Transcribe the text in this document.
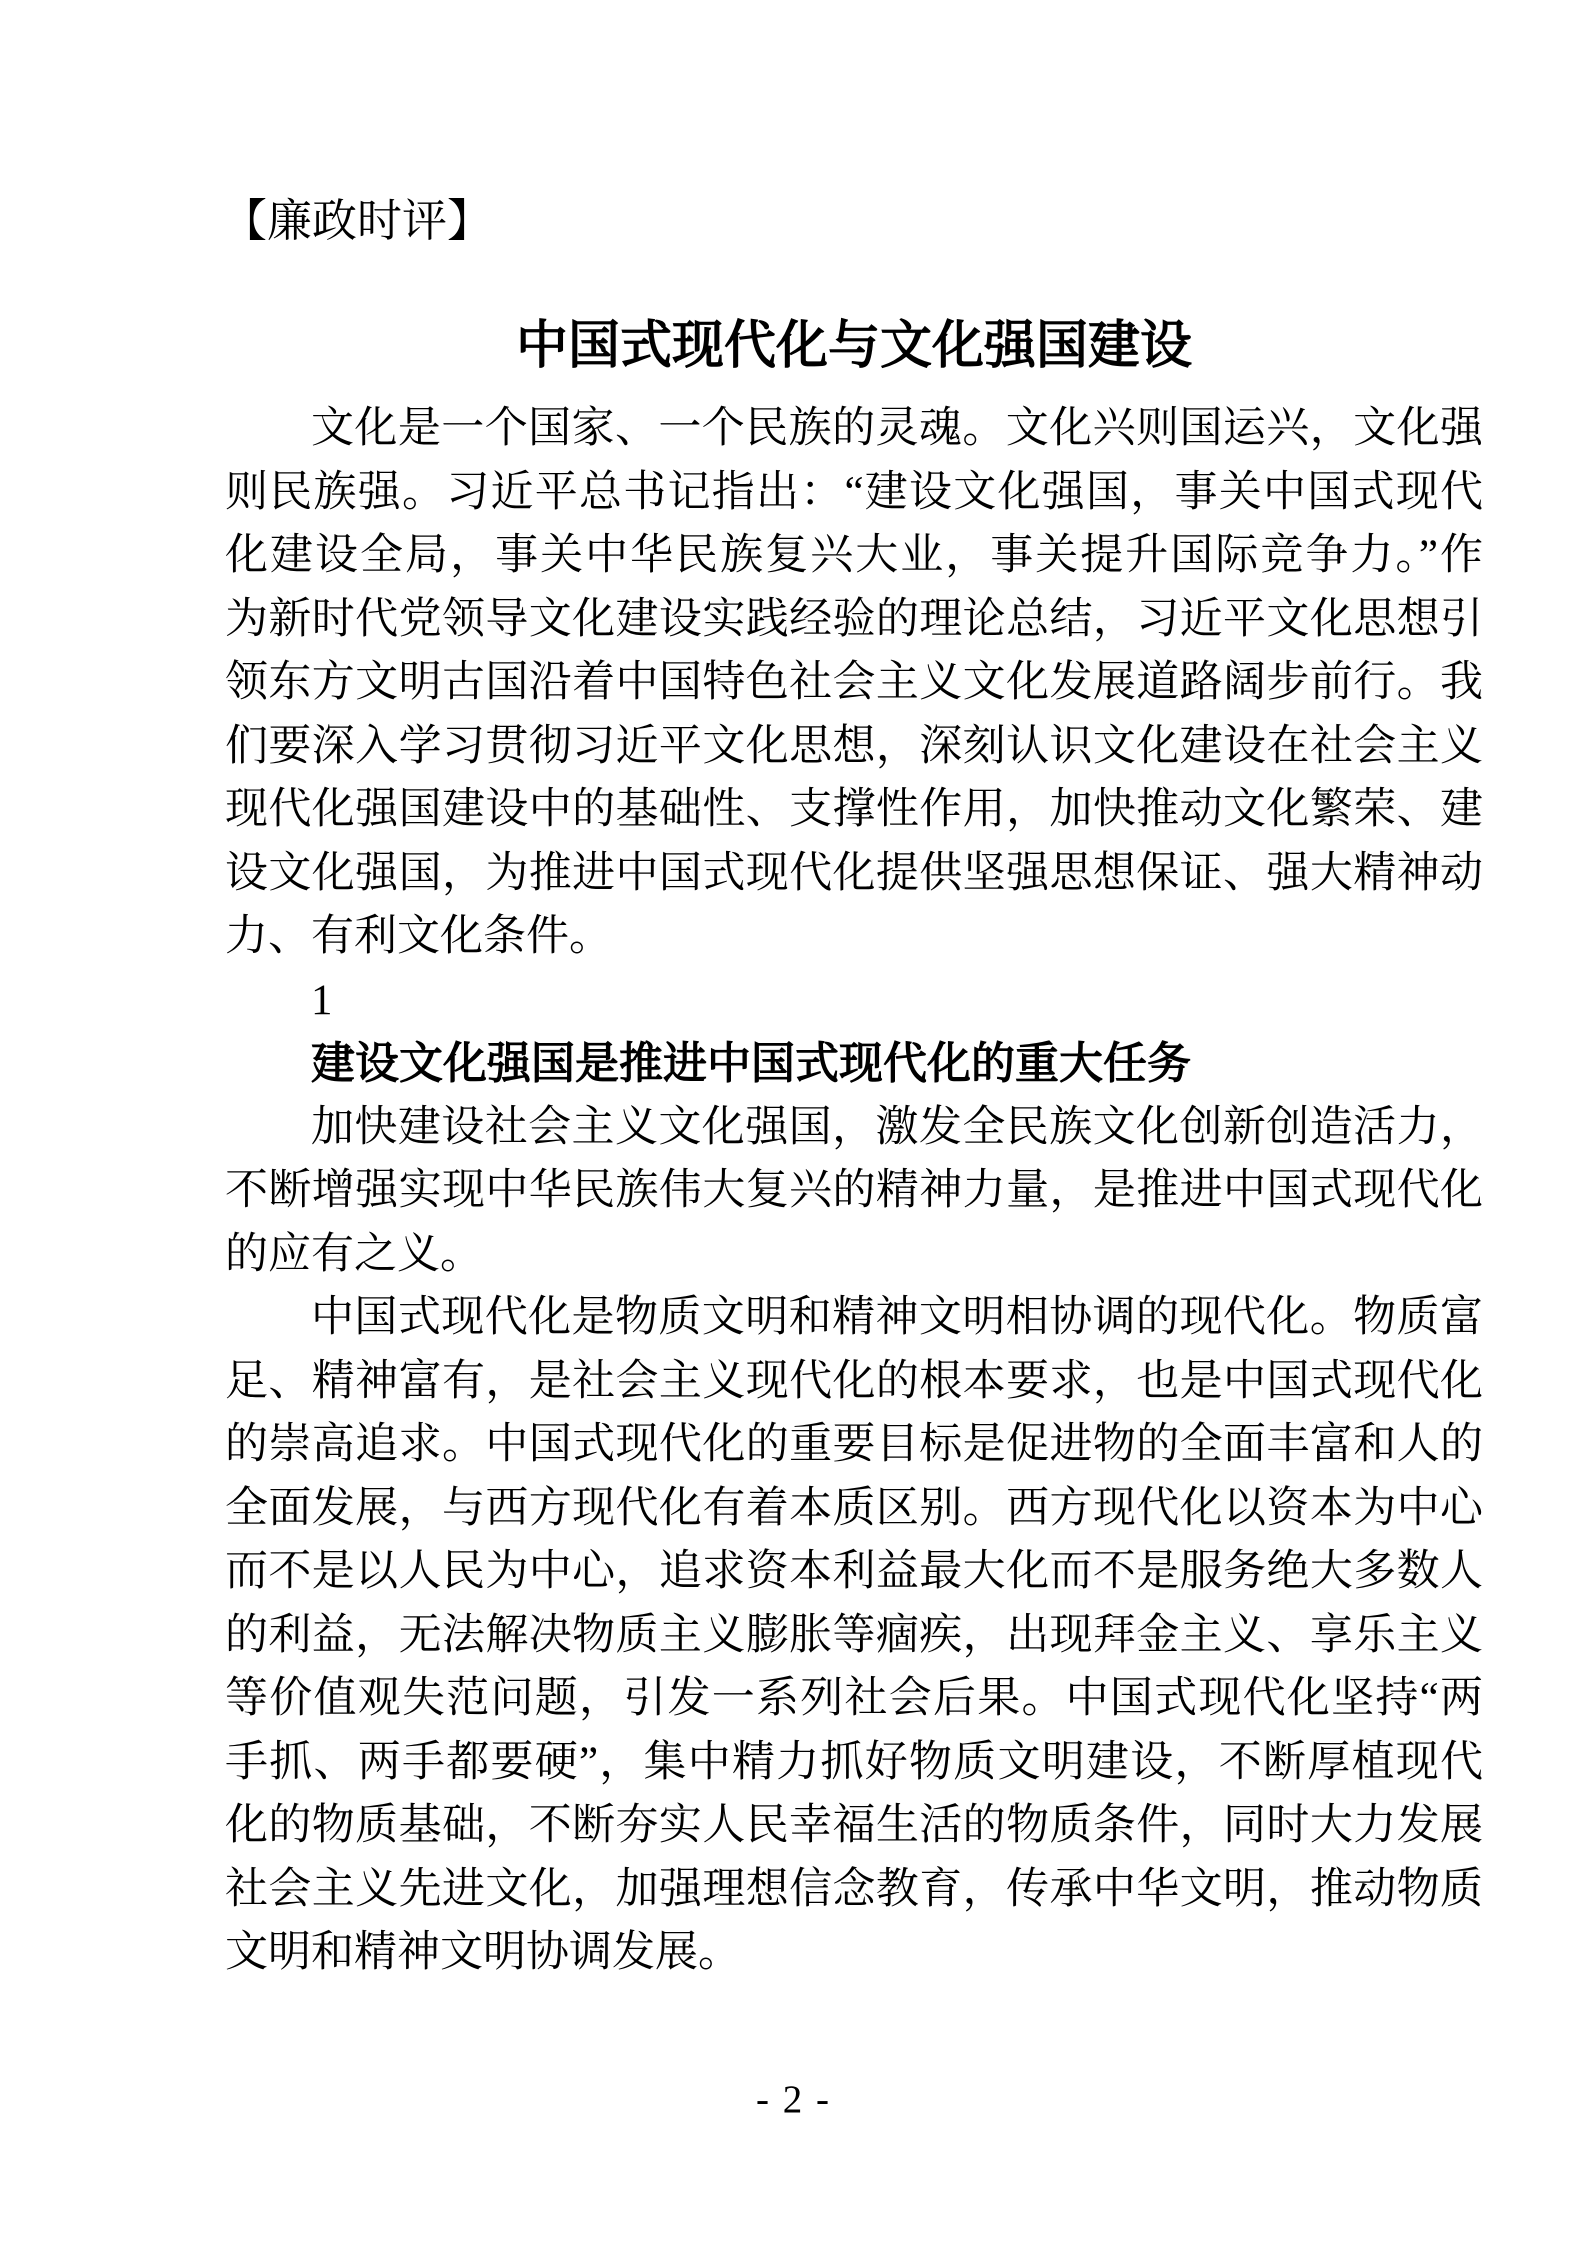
【廉政时评】
中国式现代化与文化强国建设
文化是一个国家、一个民族的灵魂。文化兴则国运兴，文化强
则民族强。习近平总书记指出：“建设文化强国，事关中国式现代
化建设全局，事关中华民族复兴大业，事关提升国际竞争力。”作
为新时代党领导文化建设实践经验的理论总结，习近平文化思想引
领东方文明古国沿着中国特色社会主义文化发展道路阔步前行。我
们要深入学习贯彻习近平文化思想，深刻认识文化建设在社会主义
现代化强国建设中的基础性、支撑性作用，加快推动文化繁荣、建
设文化强国，为推进中国式现代化提供坚强思想保证、强大精神动
力、有利文化条件。
1
建设文化强国是推进中国式现代化的重大任务
加快建设社会主义文化强国，激发全民族文化创新创造活力，
不断增强实现中华民族伟大复兴的精神力量，是推进中国式现代化
的应有之义。
中国式现代化是物质文明和精神文明相协调的现代化。物质富
足、精神富有，是社会主义现代化的根本要求，也是中国式现代化
的崇高追求。中国式现代化的重要目标是促进物的全面丰富和人的
全面发展，与西方现代化有着本质区别。西方现代化以资本为中心
而不是以人民为中心，追求资本利益最大化而不是服务绝大多数人
的利益，无法解决物质主义膨胀等痼疾，出现拜金主义、享乐主义
等价值观失范问题，引发一系列社会后果。中国式现代化坚持“两
手抓、两手都要硬”，集中精力抓好物质文明建设，不断厚植现代
化的物质基础，不断夯实人民幸福生活的物质条件，同时大力发展
社会主义先进文化，加强理想信念教育，传承中华文明，推动物质
文明和精神文明协调发展。
- 2 -
